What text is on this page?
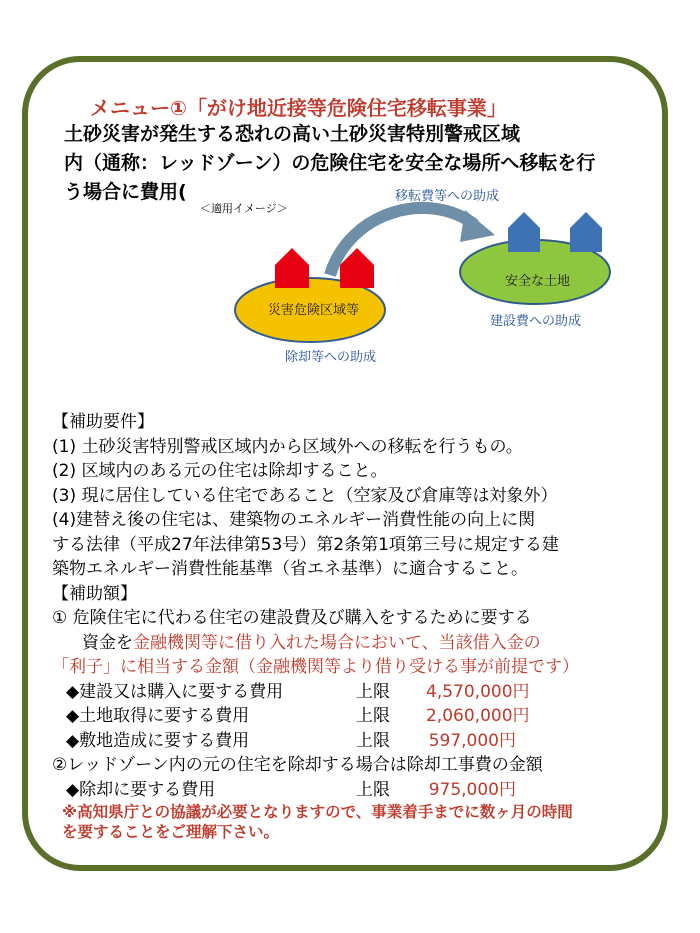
メニュー①「がけ地近接等危険住宅移転事業」
土砂災害が発生する恐れの高い土砂災害特別警戒区域
内（通称：レッドゾーン）の危険住宅を安全な場所へ移転を行
う場合に費用(
＜適用イメージ＞
移転費等への助成
災害危険区域等
除却等への助成
安全な土地
建設費への助成
【補助要件】
(1) 土砂災害特別警戒区域内から区域外への移転を行うもの。
(2) 区域内のある元の住宅は除却すること。
(3) 現に居住している住宅であること（空家及び倉庫等は対象外）
(4)建替え後の住宅は、建築物のエネルギー消費性能の向上に関
する法律（平成27年法律第53号）第2条第1項第三号に規定する建
築物エネルギー消費性能基準（省エネ基準）に適合すること。
【補助額】
① 危険住宅に代わる住宅の建設費及び購入をするために要する
資金を金融機関等に借り入れた場合において、当該借入金の
「利子」に相当する金額（金融機関等より借り受ける事が前提です）
◆建設又は購入に要する費用	上限	4,570,000円
◆土地取得に要する費用	上限	2,060,000円
◆敷地造成に要する費用	上限	597,000円
②レッドゾーン内の元の住宅を除却する場合は除却工事費の金額
◆除却に要する費用	上限	975,000円
※高知県庁との協議が必要となりますので、事業着手までに数ヶ月の時間
を要することをご理解下さい。
